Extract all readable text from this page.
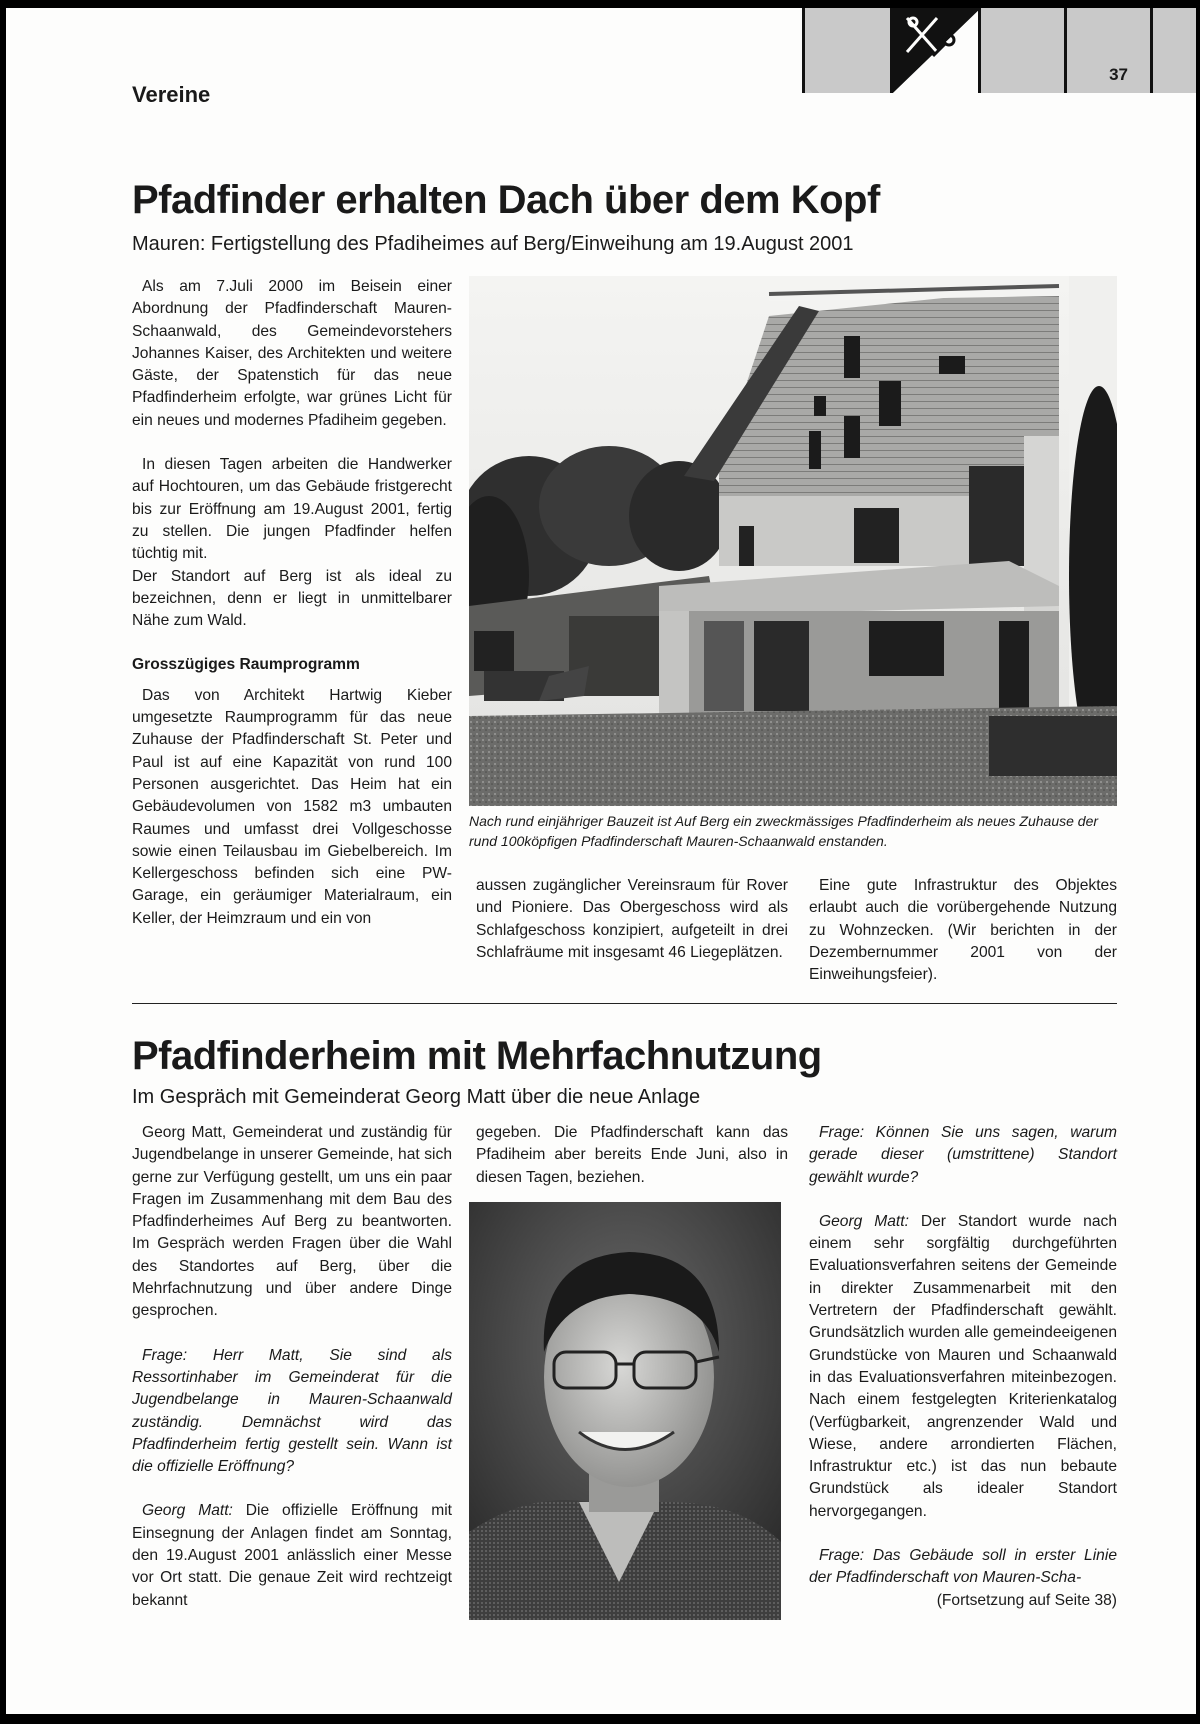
37
Vereine
Pfadfinder erhalten Dach über dem Kopf
Mauren: Fertigstellung des Pfadiheimes auf Berg/Einweihung am 19.August 2001

Als am 7.Juli 2000 im Beisein einer Abordnung der Pfadfinderschaft Mauren-Schaanwald, des Gemeindevorstehers Johannes Kaiser, des Architekten und weitere Gäste, der Spatenstich für das neue Pfadfinderheim erfolgte, war grünes Licht für ein neues und modernes Pfadiheim gegeben.

In diesen Tagen arbeiten die Handwerker auf Hochtouren, um das Gebäude fristgerecht bis zur Eröffnung am 19.August 2001, fertig zu stellen. Die jungen Pfadfinder helfen tüchtig mit.

Der Standort auf Berg ist als ideal zu bezeichnen, denn er liegt in unmittelbarer Nähe zum Wald.

Grosszügiges Raumprogramm

Das von Architekt Hartwig Kieber umgesetzte Raumprogramm für das neue Zuhause der Pfadfinderschaft St. Peter und Paul ist auf eine Kapazität von rund 100 Personen ausgerichtet. Das Heim hat ein Gebäudevolumen von 1582 m3 umbauten Raumes und umfasst drei Vollgeschosse sowie einen Teilausbau im Giebelbereich. Im Kellergeschoss befinden sich eine PW-Garage, ein geräumiger Materialraum, ein Keller, der Heimzraum und ein von

Nach rund einjähriger Bauzeit ist Auf Berg ein zweckmässiges Pfadfinderheim als neues Zuhause der rund 100köpfigen Pfadfinderschaft Mauren-Schaanwald enstanden.

aussen zugänglicher Vereinsraum für Rover und Pioniere. Das Obergeschoss wird als Schlafgeschoss konzipiert, aufgeteilt in drei Schlafräume mit insgesamt 46 Liegeplätzen.

Eine gute Infrastruktur des Objektes erlaubt auch die vorübergehende Nutzung zu Wohnzecken. (Wir berichten in der Dezembernummer 2001 von der Einweihungsfeier).

Pfadfinderheim mit Mehrfachnutzung
Im Gespräch mit Gemeinderat Georg Matt über die neue Anlage

Georg Matt, Gemeinderat und zuständig für Jugendbelange in unserer Gemeinde, hat sich gerne zur Verfügung gestellt, um uns ein paar Fragen im Zusammenhang mit dem Bau des Pfadfinderheimes Auf Berg zu beantworten. Im Gespräch werden Fragen über die Wahl des Standortes auf Berg, über die Mehrfachnutzung und über andere Dinge gesprochen.

Frage: Herr Matt, Sie sind als Ressortinhaber im Gemeinderat für die Jugendbelange in Mauren-Schaanwald zuständig. Demnächst wird das Pfadfinderheim fertig gestellt sein. Wann ist die offizielle Eröffnung?

Georg Matt: Die offizielle Eröffnung mit Einsegnung der Anlagen findet am Sonntag, den 19.August 2001 anlässlich einer Messe vor Ort statt. Die genaue Zeit wird rechtzeigt bekannt

gegeben. Die Pfadfinderschaft kann das Pfadiheim aber bereits Ende Juni, also in diesen Tagen, beziehen.

Frage: Können Sie uns sagen, warum gerade dieser (umstrittene) Standort gewählt wurde?

Georg Matt: Der Standort wurde nach einem sehr sorgfältig durchgeführten Evaluationsverfahren seitens der Gemeinde in direkter Zusammenarbeit mit den Vertretern der Pfadfinderschaft gewählt. Grundsätzlich wurden alle gemeindeeigenen Grundstücke von Mauren und Schaanwald in das Evaluationsverfahren miteinbezogen. Nach einem festgelegten Kriterienkatalog (Verfügbarkeit, angrenzender Wald und Wiese, andere arrondierten Flächen, Infrastruktur etc.) ist das nun bebaute Grundstück als idealer Standort hervorgegangen.

Frage: Das Gebäude soll in erster Linie der Pfadfinderschaft von Mauren-Scha-

(Fortsetzung auf Seite 38)
